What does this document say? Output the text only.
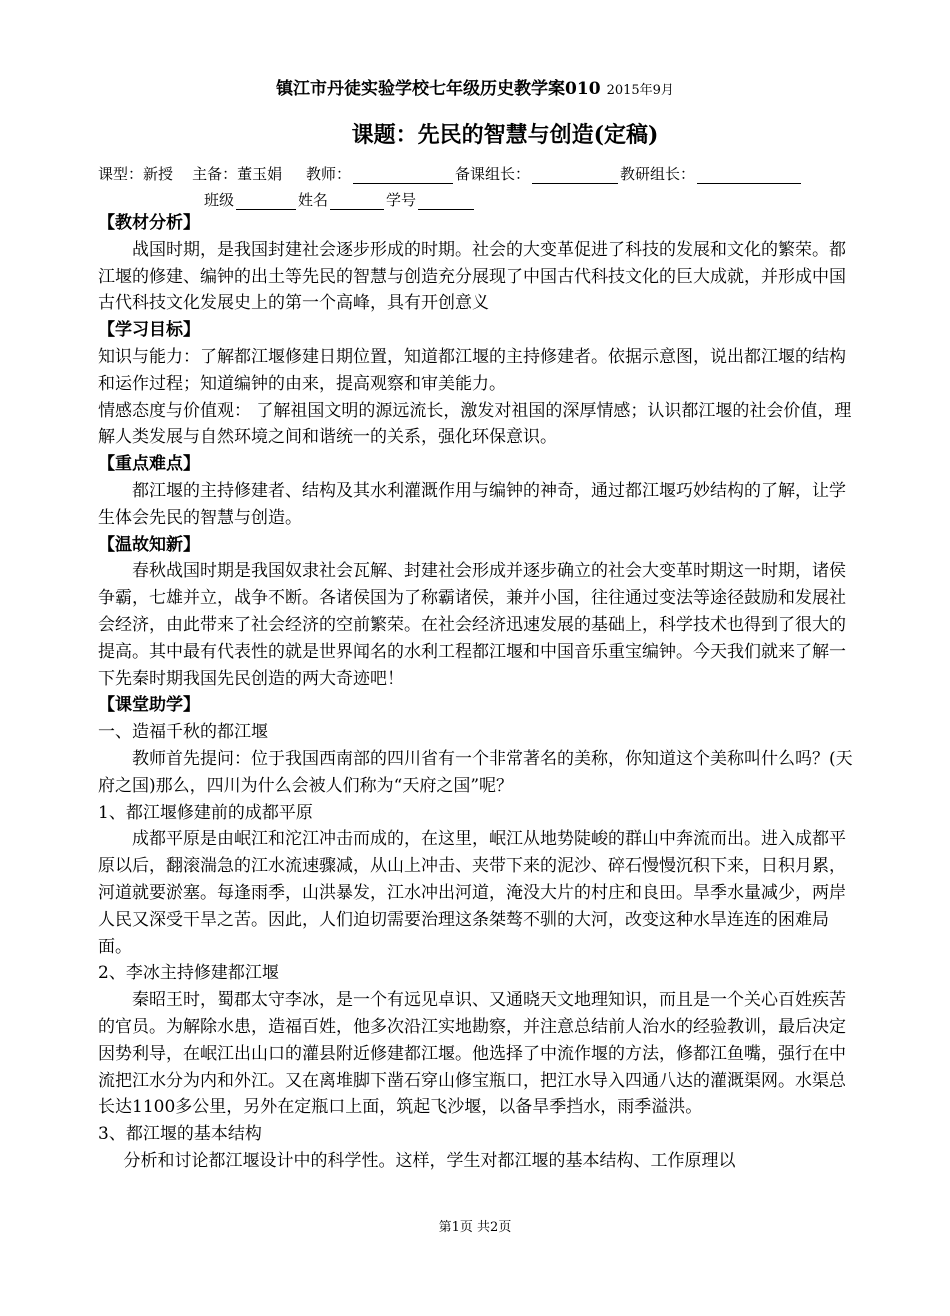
镇江市丹徒实验学校七年级历史教学案010 2015年9月
课题：先民的智慧与创造(定稿)
课型：新授 主备：董玉娟 教师：	备课组长：	教研组长：
班级	姓名	学号

【教材分析】

战国时期，是我国封建社会逐步形成的时期。社会的大变革促进了科技的发展和文化的繁荣。都江堰的修建、编钟的出土等先民的智慧与创造充分展现了中国古代科技文化的巨大成就，并形成中国古代科技文化发展史上的第一个高峰，具有开创意义

【学习目标】

知识与能力：了解都江堰修建日期位置，知道都江堰的主持修建者。依据示意图，说出都江堰的结构和运作过程；知道编钟的由来，提高观察和审美能力。

情感态度与价值观： 了解祖国文明的源远流长，激发对祖国的深厚情感；认识都江堰的社会价值，理解人类发展与自然环境之间和谐统一的关系，强化环保意识。

【重点难点】

都江堰的主持修建者、结构及其水利灌溉作用与编钟的神奇，通过都江堰巧妙结构的了解，让学生体会先民的智慧与创造。

【温故知新】

春秋战国时期是我国奴隶社会瓦解、封建社会形成并逐步确立的社会大变革时期这一时期，诸侯争霸，七雄并立，战争不断。各诸侯国为了称霸诸侯，兼并小国，往往通过变法等途径鼓励和发展社会经济，由此带来了社会经济的空前繁荣。在社会经济迅速发展的基础上，科学技术也得到了很大的提高。其中最有代表性的就是世界闻名的水利工程都江堰和中国音乐重宝编钟。今天我们就来了解一下先秦时期我国先民创造的两大奇迹吧！

【课堂助学】

一、造福千秋的都江堰

教师首先提问：位于我国西南部的四川省有一个非常著名的美称，你知道这个美称叫什么吗？(天府之国)那么，四川为什么会被人们称为“天府之国”呢？

1、都江堰修建前的成都平原

成都平原是由岷江和沱江冲击而成的，在这里，岷江从地势陡峻的群山中奔流而出。进入成都平原以后，翻滚湍急的江水流速骤减，从山上冲击、夹带下来的泥沙、碎石慢慢沉积下来，日积月累，河道就要淤塞。每逢雨季，山洪暴发，江水冲出河道，淹没大片的村庄和良田。旱季水量减少，两岸人民又深受干旱之苦。因此，人们迫切需要治理这条桀骜不驯的大河，改变这种水旱连连的困难局面。

2、李冰主持修建都江堰

秦昭王时，蜀郡太守李冰，是一个有远见卓识、又通晓天文地理知识，而且是一个关心百姓疾苦的官员。为解除水患，造福百姓，他多次沿江实地勘察，并注意总结前人治水的经验教训，最后决定因势利导，在岷江出山口的灌县附近修建都江堰。他选择了中流作堰的方法，修都江鱼嘴，强行在中流把江水分为内和外江。又在离堆脚下凿石穿山修宝瓶口，把江水导入四通八达的灌溉渠网。水渠总长达1100多公里，另外在定瓶口上面，筑起飞沙堰，以备旱季挡水，雨季溢洪。

3、都江堰的基本结构

分析和讨论都江堰设计中的科学性。这样，学生对都江堰的基本结构、工作原理以

第1页 共2页
